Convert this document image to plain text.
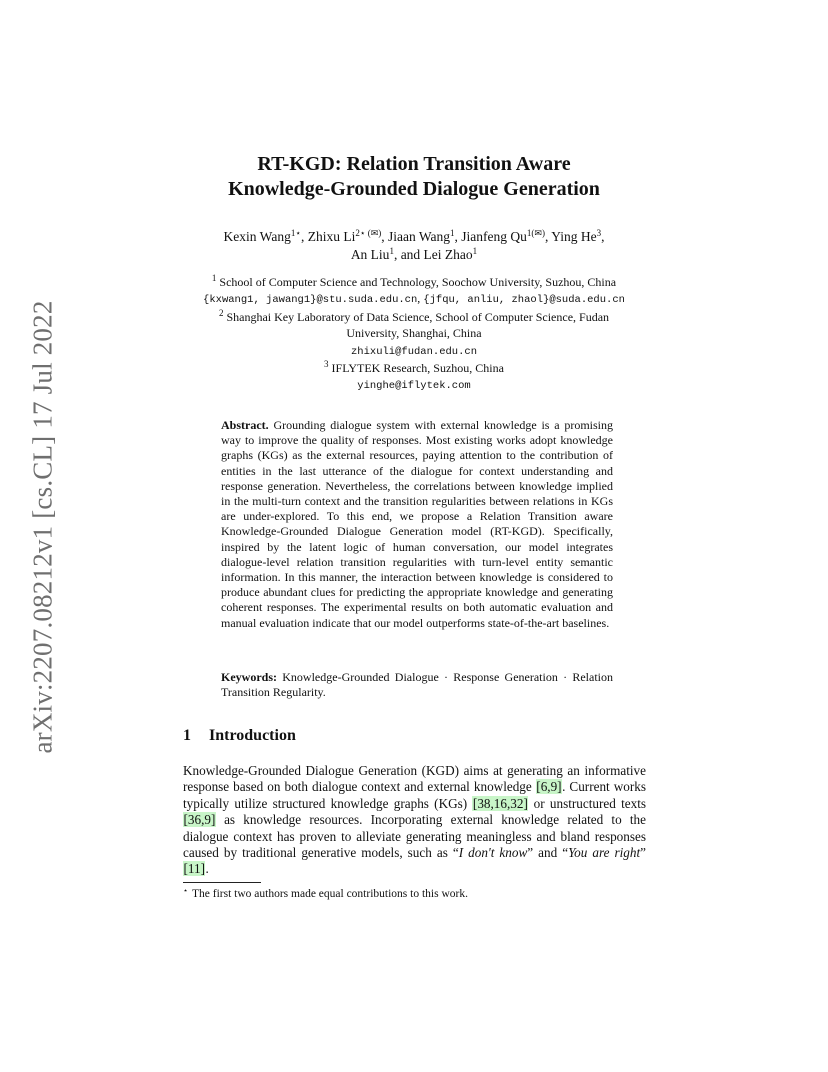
arXiv:2207.08212v1 [cs.CL] 17 Jul 2022
RT-KGD: Relation Transition Aware
Knowledge-Grounded Dialogue Generation
Kexin Wang$^{1⋆}$, Zhixu $Li^{2⋆ (✉)}$, Jiaan Wang$^1$, Jianfeng $Qu^{1(✉)}$, Ying He$^3$,
An Liu$^1$, and Lei Zhao$^1$
$^1$ School of Computer Science and Technology, Soochow University, Suzhou, China
{kxwang1, jawang1}@stu.suda.edu.cn, {jfqu, anliu, zhaol}@suda.edu.cn
$^2$ Shanghai Key Laboratory of Data Science, School of Computer Science, Fudan
University, Shanghai, China
zhixuli@fudan.edu.cn
$^3$ IFLYTEK Research, Suzhou, China
yinghe@iflytek.com
Abstract. Grounding dialogue system with external knowledge is a promising way to improve the quality of responses. Most existing works adopt knowledge graphs (KGs) as the external resources, paying attention to the contribution of entities in the last utterance of the dialogue for context understanding and response generation. Nevertheless, the correlations between knowledge implied in the multi-turn context and the transition regularities between relations in KGs are under-explored. To this end, we propose a Relation Transition aware Knowledge-Grounded Dialogue Generation model (RT-KGD). Specifically, inspired by the latent logic of human conversation, our model integrates dialogue-level relation transition regularities with turn-level entity semantic information. In this manner, the interaction between knowledge is considered to produce abundant clues for predicting the appropriate knowledge and generating coherent responses. The experimental results on both automatic evaluation and manual evaluation indicate that our model outperforms state-of-the-art baselines.
Keywords: Knowledge-Grounded Dialogue · Response Generation · Relation Transition Regularity.
1 Introduction
Knowledge-Grounded Dialogue Generation (KGD) aims at generating an informative response based on both dialogue context and external knowledge [6,9]. Current works typically utilize structured knowledge graphs (KGs) [38,16,32] or unstructured texts [36,9] as knowledge resources. Incorporating external knowledge related to the dialogue context has proven to alleviate generating meaningless and bland responses caused by traditional generative models, such as “I don't know” and “You are right” [11].
⋆ The first two authors made equal contributions to this work.
